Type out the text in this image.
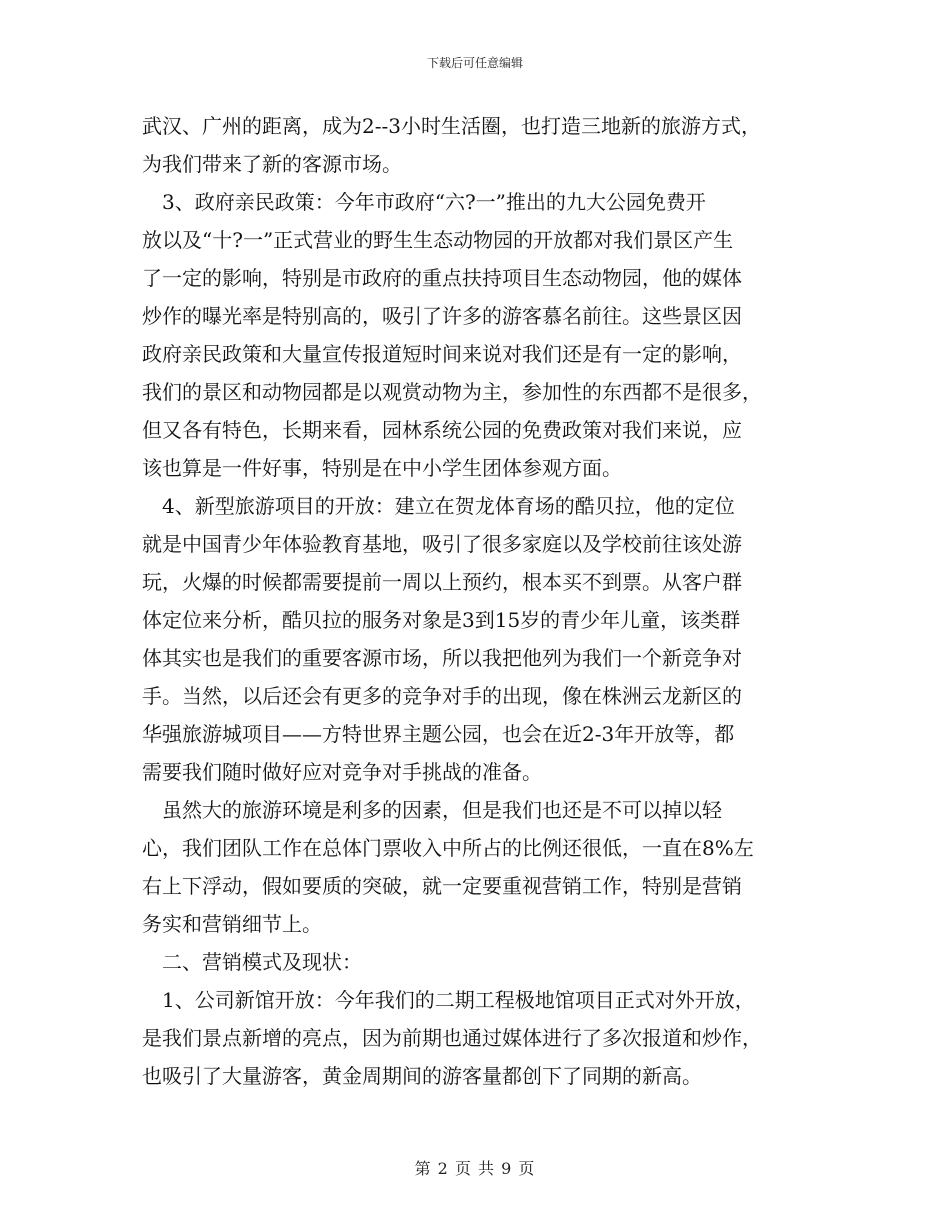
下载后可任意编辑
武汉、广州的距离，成为2--3小时生活圈，也打造三地新的旅游方式，
为我们带来了新的客源市场。
　3、政府亲民政策：今年市政府“六?一”推出的九大公园免费开
放以及“十?一”正式营业的野生生态动物园的开放都对我们景区产生
了一定的影响，特别是市政府的重点扶持项目生态动物园，他的媒体
炒作的曝光率是特别高的，吸引了许多的游客慕名前往。这些景区因
政府亲民政策和大量宣传报道短时间来说对我们还是有一定的影响，
我们的景区和动物园都是以观赏动物为主，参加性的东西都不是很多，
但又各有特色，长期来看，园林系统公园的免费政策对我们来说，应
该也算是一件好事，特别是在中小学生团体参观方面。
　4、新型旅游项目的开放：建立在贺龙体育场的酷贝拉，他的定位
就是中国青少年体验教育基地，吸引了很多家庭以及学校前往该处游
玩，火爆的时候都需要提前一周以上预约，根本买不到票。从客户群
体定位来分析，酷贝拉的服务对象是3到15岁的青少年儿童，该类群
体其实也是我们的重要客源市场，所以我把他列为我们一个新竞争对
手。当然，以后还会有更多的竞争对手的出现，像在株洲云龙新区的
华强旅游城项目——方特世界主题公园，也会在近2-3年开放等，都
需要我们随时做好应对竞争对手挑战的准备。
　虽然大的旅游环境是利多的因素，但是我们也还是不可以掉以轻
心，我们团队工作在总体门票收入中所占的比例还很低，一直在8%左
右上下浮动，假如要质的突破，就一定要重视营销工作，特别是营销
务实和营销细节上。
　二、营销模式及现状：
　1、公司新馆开放：今年我们的二期工程极地馆项目正式对外开放，
是我们景点新增的亮点，因为前期也通过媒体进行了多次报道和炒作，
也吸引了大量游客，黄金周期间的游客量都创下了同期的新高。
第 2 页 共 9 页
